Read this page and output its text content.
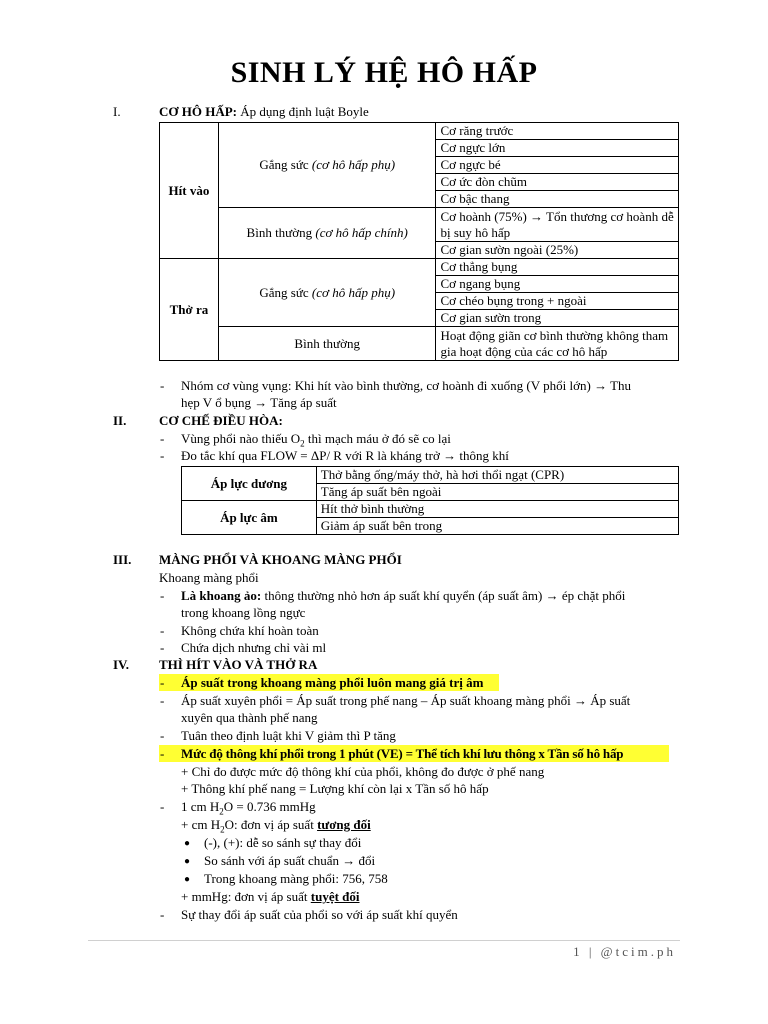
SINH LÝ HỆ HÔ HẤP
I.	CƠ HÔ HẤP: Áp dụng định luật Boyle
Hít vào	Gắng sức (cơ hô hấp phụ)	Cơ răng trước
		Cơ ngực lớn
		Cơ ngực bé
		Cơ ức đòn chũm
		Cơ bậc thang
	Bình thường (cơ hô hấp chính)	Cơ hoành (75%) → Tổn thương cơ hoành dễ bị suy hô hấp
		Cơ gian sườn ngoài (25%)
Thở ra	Gắng sức (cơ hô hấp phụ)	Cơ thẳng bụng
		Cơ ngang bụng
		Cơ chéo bụng trong + ngoài
		Cơ gian sườn trong
	Bình thường	Hoạt động giãn cơ bình thường không tham gia hoạt động của các cơ hô hấp
- Nhóm cơ vùng vụng: Khi hít vào bình thường, cơ hoành đi xuống (V phổi lớn) → Thu
hẹp V ổ bụng → Tăng áp suất
II.	CƠ CHẾ ĐIỀU HÒA:
- Vùng phổi nào thiếu $O_2$ thì mạch máu ở đó sẽ co lại
- Đo tắc khí qua FLOW = ΔP/ R với R là kháng trở → thông khí
Áp lực dương	Thở bằng ống/máy thở, hà hơi thổi ngạt (CPR)
	Tăng áp suất bên ngoài
Áp lực âm	Hít thở bình thường
	Giảm áp suất bên trong
III. MÀNG PHỔI VÀ KHOANG MÀNG PHỔI
Khoang màng phổi
- Là khoang ảo: thông thường nhỏ hơn áp suất khí quyển (áp suất âm) → ép chặt phổi
trong khoang lồng ngực
- Không chứa khí hoàn toàn
- Chứa dịch nhưng chỉ vài ml
IV. THÌ HÍT VÀO VÀ THỞ RA
- Áp suất trong khoang màng phổi luôn mang giá trị âm
- Áp suất xuyên phổi = Áp suất trong phế nang – Áp suất khoang màng phổi → Áp suất
xuyên qua thành phế nang
- Tuân theo định luật khi V giảm thì P tăng
- Mức độ thông khí phổi trong 1 phút (VE) = Thể tích khí lưu thông x Tần số hô hấp
+ Chỉ đo được mức độ thông khí của phổi, không đo được ở phế nang
+ Thông khí phế nang = Lượng khí còn lại x Tần số hô hấp
- 1 cm $H_2O = 0.736$ mmHg
+ cm $H_2O$: đơn vị áp suất tương đối
● (-), (+): dễ so sánh sự thay đổi
● So sánh với áp suất chuẩn → đổi
● Trong khoang màng phổi: 756, 758
+ mmHg: đơn vị áp suất tuyệt đối
- Sự thay đổi áp suất của phổi so với áp suất khí quyển
1 | @tcim.ph
